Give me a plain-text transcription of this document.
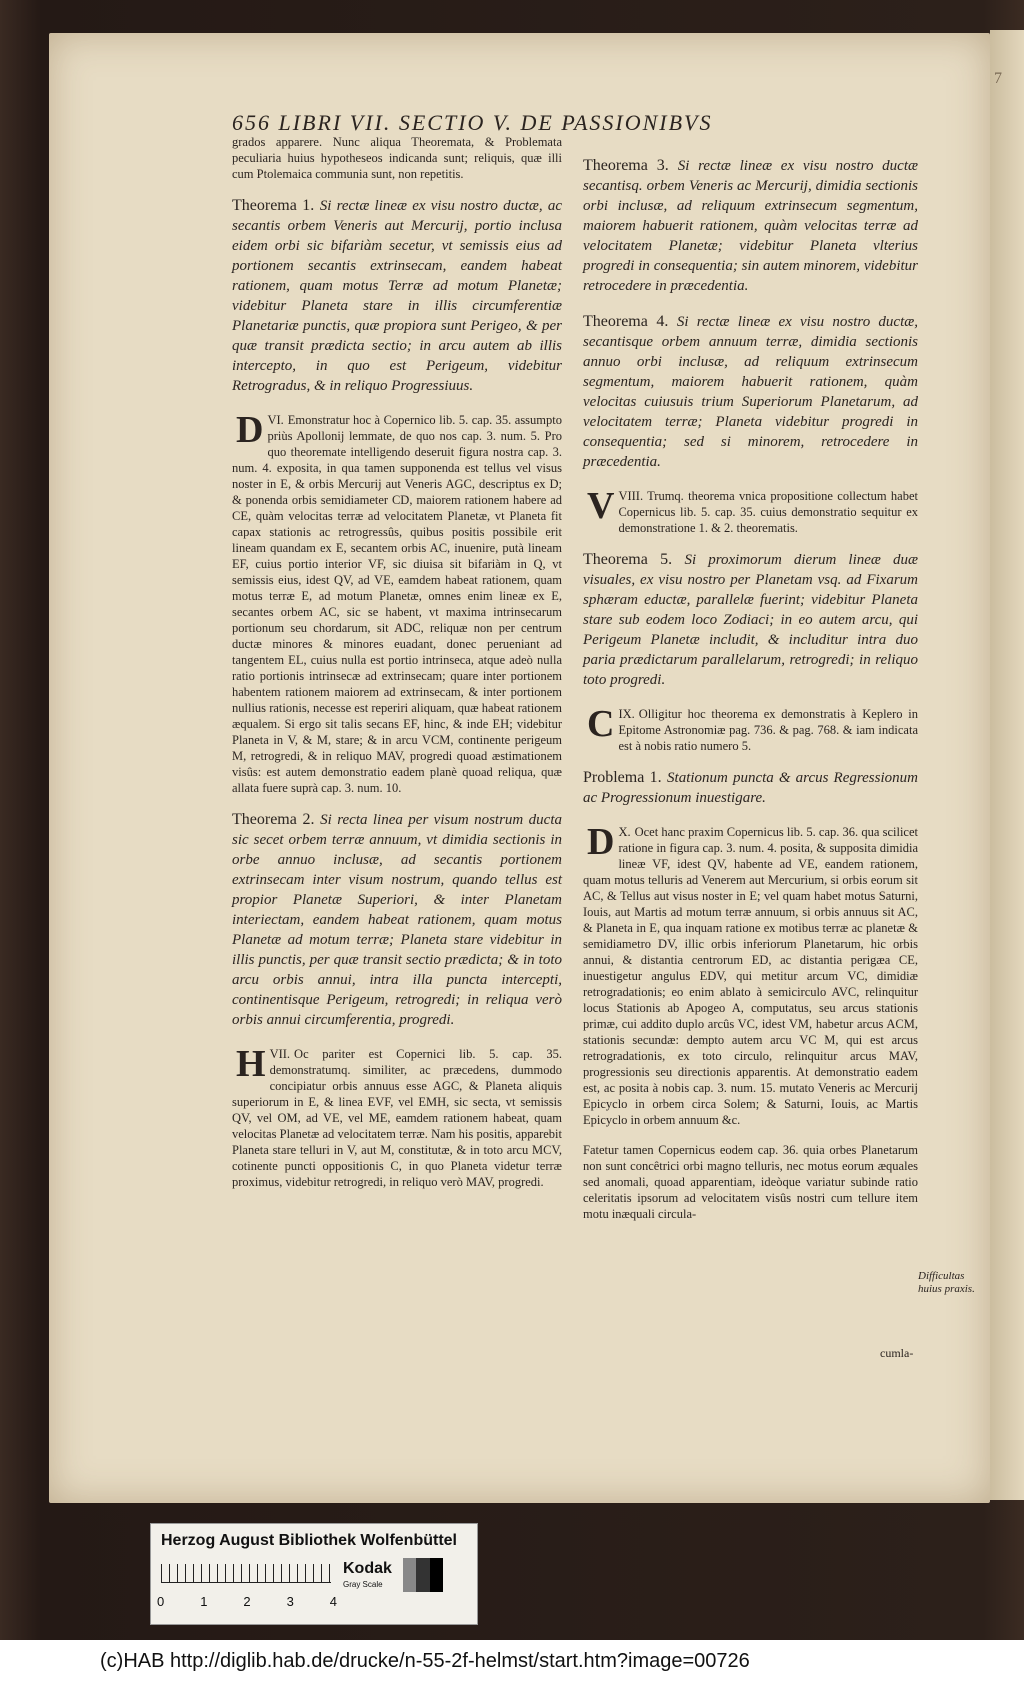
7
656 LIBRI VII. SECTIO V. DE PASSIONIBVS

grados apparere. Nunc aliqua Theoremata, & Problemata peculiaria huius hypotheseos indicanda sunt; reliquis, quæ illi cum Ptolemaica communia sunt, non repetitis.

Theorema 1. Si rectæ lineæ ex visu nostro ductæ, ac secantis orbem Veneris aut Mercurij, portio inclusa eidem orbi sic bifariàm secetur, vt semissis eius ad portionem secantis extrinsecam, eandem habeat rationem, quam motus Terræ ad motum Planetæ; videbitur Planeta stare in illis circumferentiæ Planetariæ punctis, quæ propiora sunt Perigeo, & per quæ transit prædicta sectio; in arcu autem ab illis intercepto, in quo est Perigeum, videbitur Retrogradus, & in reliquo Progressiuus.

VI.
D Emonstratur hoc à Copernico lib. 5. cap. 35. assumpto priùs Apollonij lemmate, de quo nos cap. 3. num. 5. Pro quo theoremate intelligendo deseruit figura nostra cap. 3. num. 4. exposita, in qua tamen supponenda est tellus vel visus noster in E, & orbis Mercurij aut Veneris AGC, descriptus ex D; & ponenda orbis semidiameter CD, maiorem rationem habere ad CE, quàm velocitas terræ ad velocitatem Planetæ, vt Planeta fit capax stationis ac retrogressûs, quibus positis possibile erit lineam quandam ex E, secantem orbis AC, inuenire, putà lineam EF, cuius portio interior VF, sic diuisa sit bifariàm in Q, vt semissis eius, idest QV, ad VE, eamdem habeat rationem, quam motus terræ E, ad motum Planetæ, omnes enim lineæ ex E, secantes orbem AC, sic se habent, vt maxima intrinsecarum portionum seu chordarum, sit ADC, reliquæ non per centrum ductæ minores & minores euadant, donec perueniant ad tangentem EL, cuius nulla est portio intrinseca, atque adeò nulla ratio portionis intrinsecæ ad extrinsecam; quare inter portionem habentem rationem maiorem ad extrinsecam, & inter portionem nullius rationis, necesse est reperiri aliquam, quæ habeat rationem æqualem. Si ergo sit talis secans EF, hinc, & inde EH; videbitur Planeta in V, & M, stare; & in arcu VCM, continente perigeum M, retrogredi, & in reliquo MAV, progredi quoad æstimationem visûs: est autem demonstratio eadem planè quoad reliqua, quæ allata fuere suprà cap. 3. num. 10.

Theorema 2. Si recta linea per visum nostrum ducta sic secet orbem terræ annuum, vt dimidia sectionis in orbe annuo inclusæ, ad secantis portionem extrinsecam inter visum nostrum, quando tellus est propior Planetæ Superiori, & inter Planetam interiectam, eandem habeat rationem, quam motus Planetæ ad motum terræ; Planeta stare videbitur in illis punctis, per quæ transit sectio prædicta; & in toto arcu orbis annui, intra illa puncta intercepti, continentisque Perigeum, retrogredi; in reliqua verò orbis annui circumferentia, progredi.

VII.
H Oc pariter est Copernici lib. 5. cap. 35. demonstratumq. similiter, ac præcedens, dummodo concipiatur orbis annuus esse AGC, & Planeta aliquis superiorum in E, & linea EVF, vel EMH, sic secta, vt semissis QV, vel OM, ad VE, vel ME, eamdem rationem habeat, quam velocitas Planetæ ad velocitatem terræ. Nam his positis, apparebit Planeta stare telluri in V, aut M, constitutæ, & in toto arcu MCV, cotinente puncti oppositionis C, in quo Planeta videtur terræ proximus, videbitur retrogredi, in reliquo verò MAV, progredi.

Theorema 3. Si rectæ lineæ ex visu nostro ductæ secantisq. orbem Veneris ac Mercurij, dimidia sectionis orbi inclusæ, ad reliquum extrinsecum segmentum, maiorem habuerit rationem, quàm velocitas terræ ad velocitatem Planetæ; videbitur Planeta vlterius progredi in consequentia; sin autem minorem, videbitur retrocedere in præcedentia.

Theorema 4. Si rectæ lineæ ex visu nostro ductæ, secantisque orbem annuum terræ, dimidia sectionis annuo orbi inclusæ, ad reliquum extrinsecum segmentum, maiorem habuerit rationem, quàm velocitas cuiusuis trium Superiorum Planetarum, ad velocitatem terræ; Planeta videbitur progredi in consequentia; sed si minorem, retrocedere in præcedentia.

VIII.
V	Trumq. theorema vnica propositione collectum habet Copernicus lib. 5. cap. 35. cuius demonstratio sequitur ex demonstratione 1. & 2. theorematis.

Theorema 5. Si proximorum dierum lineæ duæ visuales, ex visu nostro per Planetam vsq. ad Fixarum sphæram eductæ, parallelæ fuerint; videbitur Planeta stare sub eodem loco Zodiaci; in eo autem arcu, qui Perigeum Planetæ includit, & includitur intra duo paria prædictarum parallelarum, retrogredi; in reliquo toto progredi.

IX.
C Olligitur hoc theorema ex demonstratis à Keplero in Epitome Astronomiæ pag. 736. & pag. 768. & iam indicata est à nobis ratio numero 5.

Problema 1. Stationum puncta & arcus Regressionum ac Progressionum inuestigare.

X.
D Ocet hanc praxim Copernicus lib. 5. cap. 36. qua scilicet ratione in figura cap. 3. num. 4. posita, & supposita dimidia lineæ VF, idest QV, habente ad VE, eandem rationem, quam motus telluris ad Venerem aut Mercurium, si orbis eorum sit AC, & Tellus aut visus noster in E; vel quam habet motus Saturni, Iouis, aut Martis ad motum terræ annuum, si orbis annuus sit AC, & Planeta in E, qua inquam ratione ex motibus terræ ac planetæ & semidiametro DV, illic orbis inferiorum Planetarum, hic orbis annui, & distantia centrorum ED, ac distantia perigæa CE, inuestigetur angulus EDV, qui metitur arcum VC, dimidiæ retrogradationis; eo enim ablato à semicirculo AVC, relinquitur locus Stationis ab Apogeo A, computatus, seu arcus stationis primæ, cui addito duplo arcûs VC, idest VM, habetur arcus ACM, stationis secundæ: dempto autem arcu VC M, qui est arcus retrogradationis, ex toto circulo, relinquitur arcus MAV, progressionis seu directionis apparentis. At demonstratio eadem est, ac posita à nobis cap. 3. num. 15. mutato Veneris ac Mercurij Epicyclo in orbem circa Solem; & Saturni, Iouis, ac Martis Epicyclo in orbem annuum &c.

Fatetur tamen Copernicus eodem cap. 36. quia orbes Planetarum non sunt concêtrici orbi magno telluris, nec motus eorum æquales sed anomali, quoad apparentiam, ideòque variatur subinde ratio celeritatis ipsorum ad velocitatem visûs nostri cum tellure item motu inæquali circula-

Difficultas huius praxis.
cumla-
Herzog August Bibliothek Wolfenbüttel
Kodak
Gray Scale
0	1	2	3	4
(c)HAB http://diglib.hab.de/drucke/n-55-2f-helmst/start.htm?image=00726
